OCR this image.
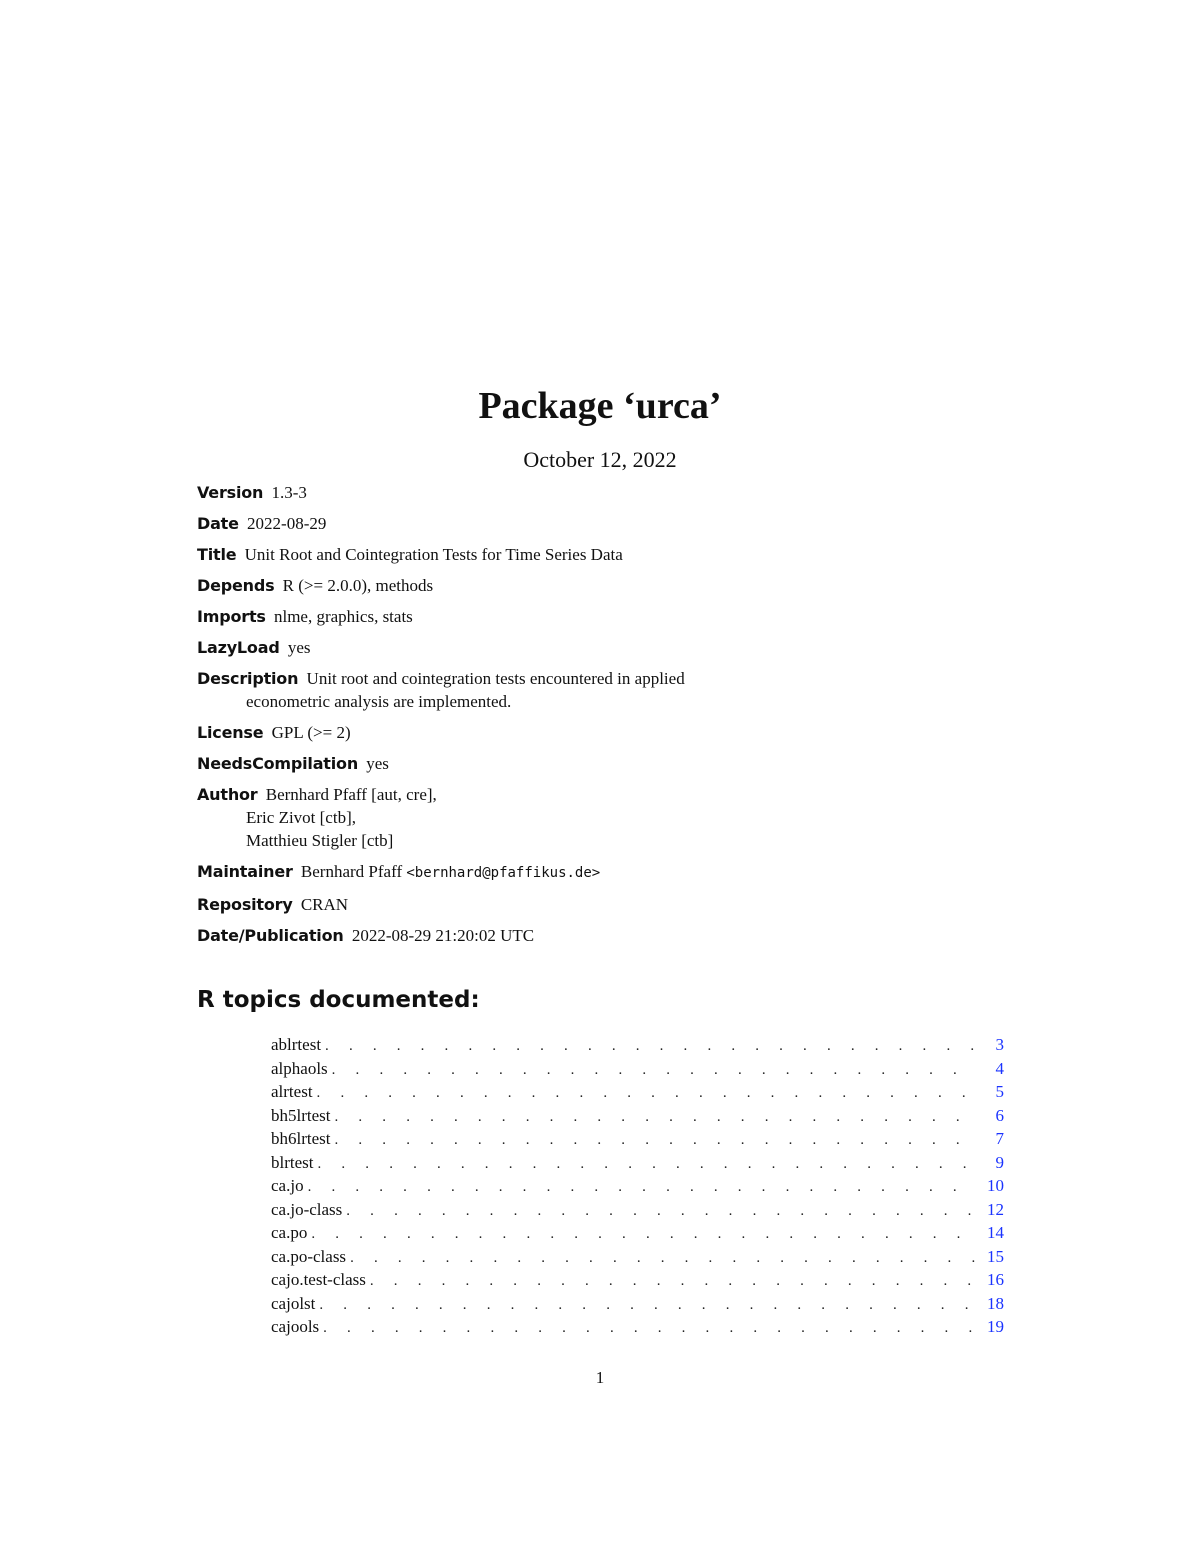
Package ‘urca’
October 12, 2022
Version 1.3-3
Date 2022-08-29
Title Unit Root and Cointegration Tests for Time Series Data
Depends R (>= 2.0.0), methods
Imports nlme, graphics, stats
LazyLoad yes
Description Unit root and cointegration tests encountered in applied
econometric analysis are implemented.
License GPL (>= 2)
NeedsCompilation yes
Author Bernhard Pfaff [aut, cre],
Eric Zivot [ctb],
Matthieu Stigler [ctb]
Maintainer Bernhard Pfaff <bernhard@pfaffikus.de>
Repository CRAN
Date/Publication 2022-08-29 21:20:02 UTC
R topics documented:
ablrtest . . .	3
alphaols . . .	4
alrtest . . .	5
bh5lrtest . . .	6
bh6lrtest . . .	7
blrtest . . .	9
ca.jo . . .	10
ca.jo-class . . .	12
ca.po . . .	14
ca.po-class . . .	15
cajo.test-class . . .	16
cajolst . . .	18
cajools . . .	19
1
